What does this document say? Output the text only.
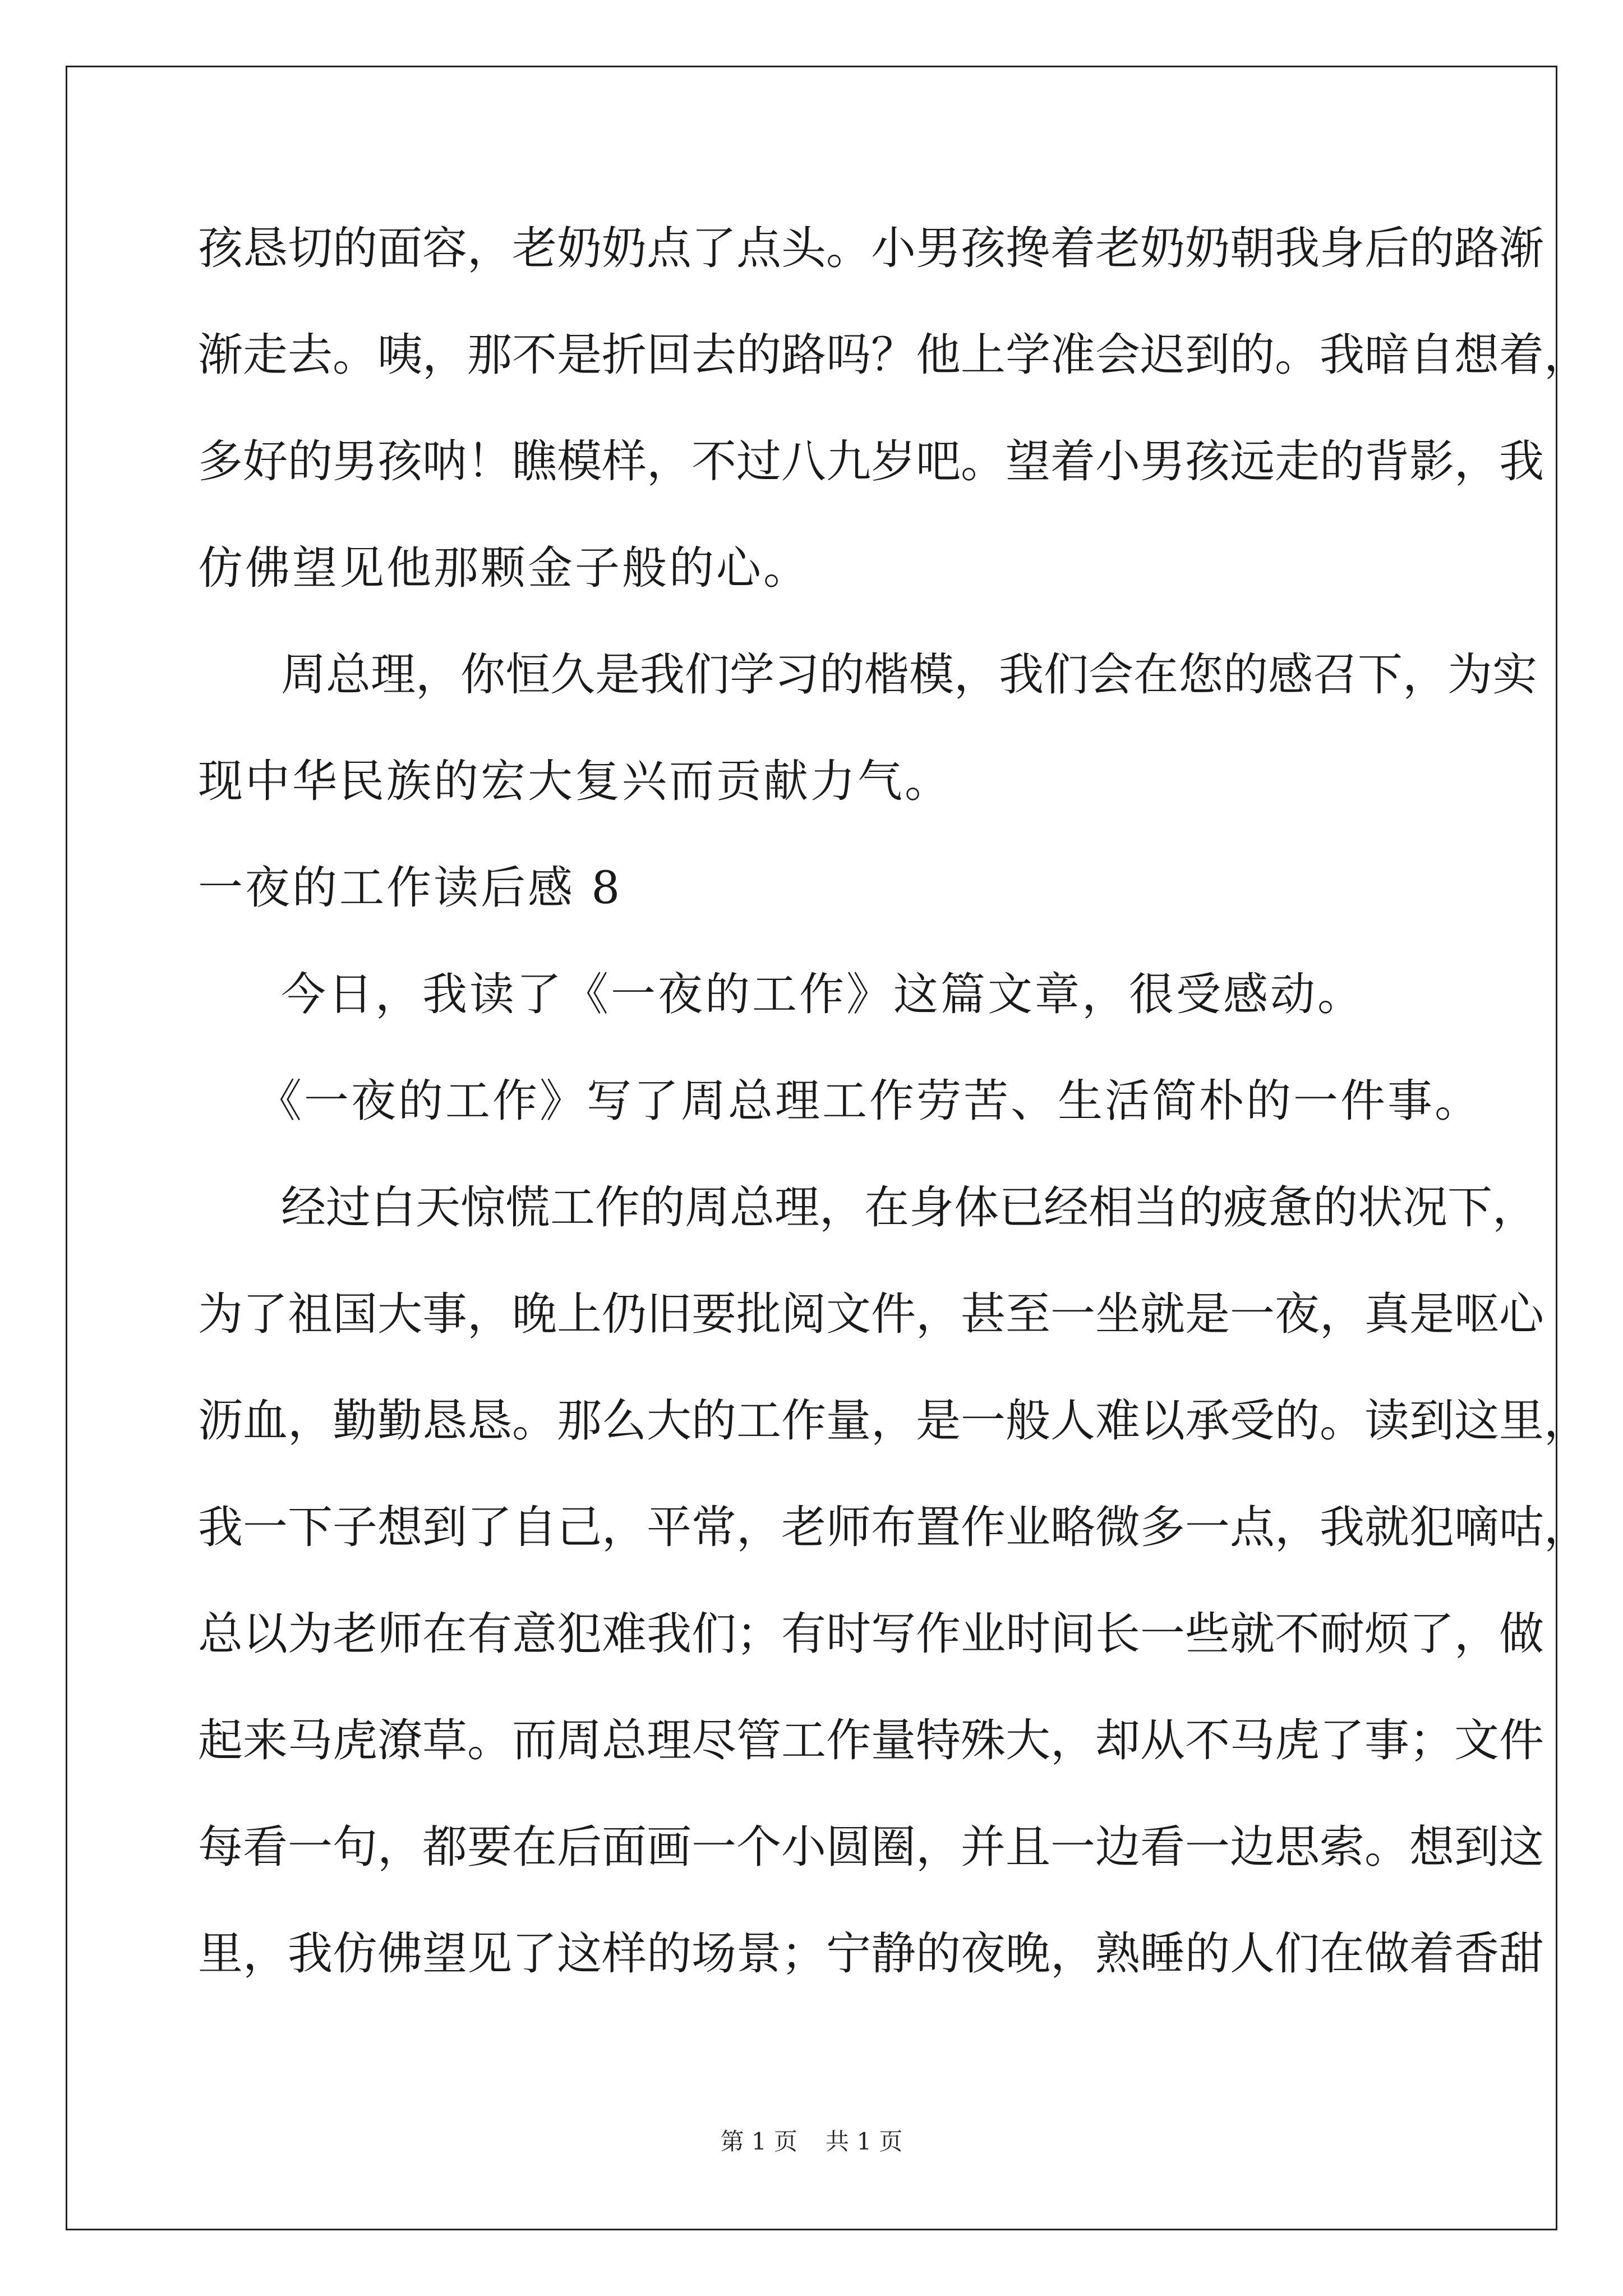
孩恳切的面容，老奶奶点了点头。小男孩搀着老奶奶朝我身后的路渐
渐走去。咦，那不是折回去的路吗？他上学准会迟到的。我暗自想着，
多好的男孩呐！瞧模样，不过八九岁吧。望着小男孩远走的背影，我
仿佛望见他那颗金子般的心。
周总理，你恒久是我们学习的楷模，我们会在您的感召下，为实
现中华民族的宏大复兴而贡献力气。
一夜的工作读后感 8
今日，我读了《一夜的工作》这篇文章，很受感动。
《一夜的工作》写了周总理工作劳苦、生活简朴的一件事。
经过白天惊慌工作的周总理，在身体已经相当的疲惫的状况下，
为了祖国大事，晚上仍旧要批阅文件，甚至一坐就是一夜，真是呕心
沥血，勤勤恳恳。那么大的工作量，是一般人难以承受的。读到这里，
我一下子想到了自己，平常，老师布置作业略微多一点，我就犯嘀咕，
总以为老师在有意犯难我们；有时写作业时间长一些就不耐烦了，做
起来马虎潦草。而周总理尽管工作量特殊大，却从不马虎了事；文件
每看一句，都要在后面画一个小圆圈，并且一边看一边思索。想到这
里，我仿佛望见了这样的场景；宁静的夜晚，熟睡的人们在做着香甜
第 1 页 共 1 页
